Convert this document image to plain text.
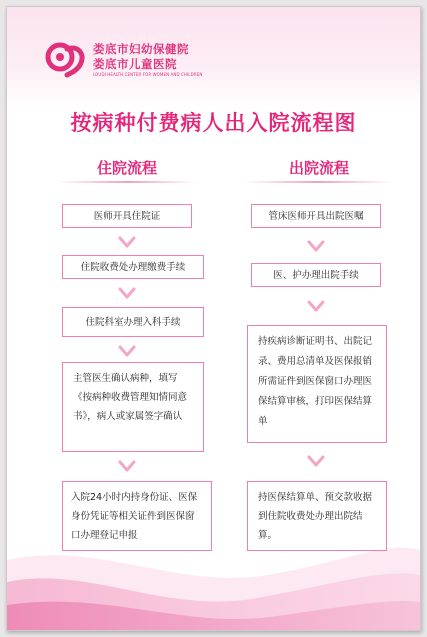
娄底市妇幼保健院
娄底市儿童医院
LOUDI HEALTH CENTER FOR WOMEN AND CHILDREN
按病种付费病人出入院流程图
住院流程
医师开具住院证
住院收费处办理缴费手续
住院科室办理入科手续
主管医生确认病种，填写《按病种收费管理知情同意书》，病人或家属签字确认
入院24小时内持身份证、医保身份凭证等相关证件到医保窗口办理登记申报
出院流程
管床医师开具出院医嘱
医、护办理出院手续
持疾病诊断证明书、出院记录、费用总清单及医保报销所需证件到医保窗口办理医保结算审核，打印医保结算单
持医保结算单、预交款收据到住院收费处办理出院结算。
